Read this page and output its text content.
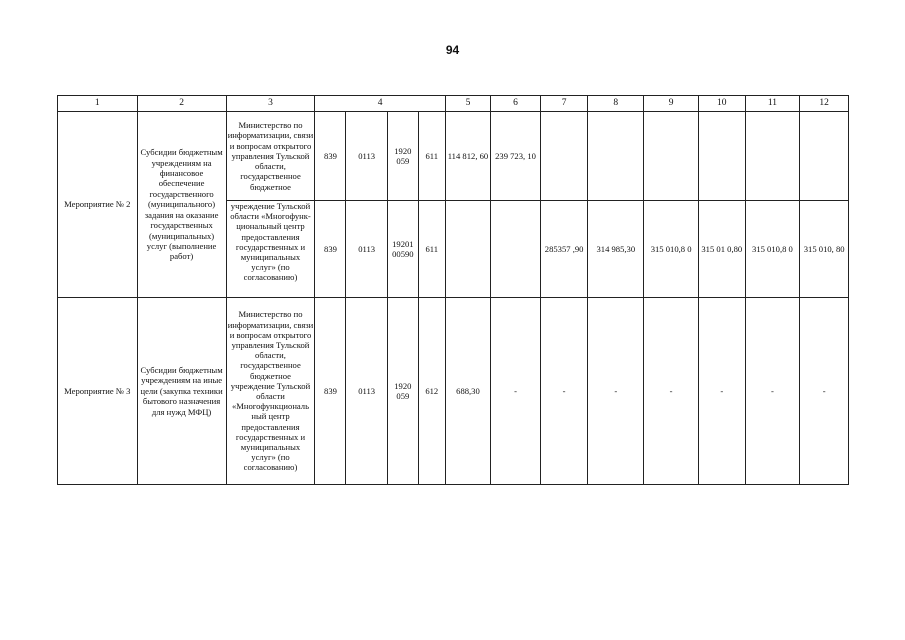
94
1	2	3	4				5	6	7	8	9	10	11	12
Мероприятие № 2	Субсидии бюджетным учреждениям на финансовое обеспечение государственного (муниципального) задания на оказание государственных (муниципальных) услуг (выполнение работ)	Министерство по информатизации, связи и вопросам открытого управления Тульской области, государственное бюджетное	839	0113	1920 059	611	114 812, 60	239 723, 10						
		учреждение Тульской области «Многофунк-циональный центр предоставления государственных и муниципальных услуг» (по согласованию)	839	0113	19201 00590	611			285357 ,90	314 985,30	315 010,8 0	315 01 0,80	315 010,8 0	315 010, 80
Мероприятие № 3	Субсидии бюджетным учреждениям на иные цели (закупка техники бытового назначения для нужд МФЦ)	Министерство по информатизации, связи и вопросам открытого управления Тульской области, государственное бюджетное учреждение Тульской области «Многофункциональ ный центр предоставления государственных и муниципальных услуг» (по согласованию)	839	0113	1920 059	612	688,30	-	-	-	-	-	-	-
